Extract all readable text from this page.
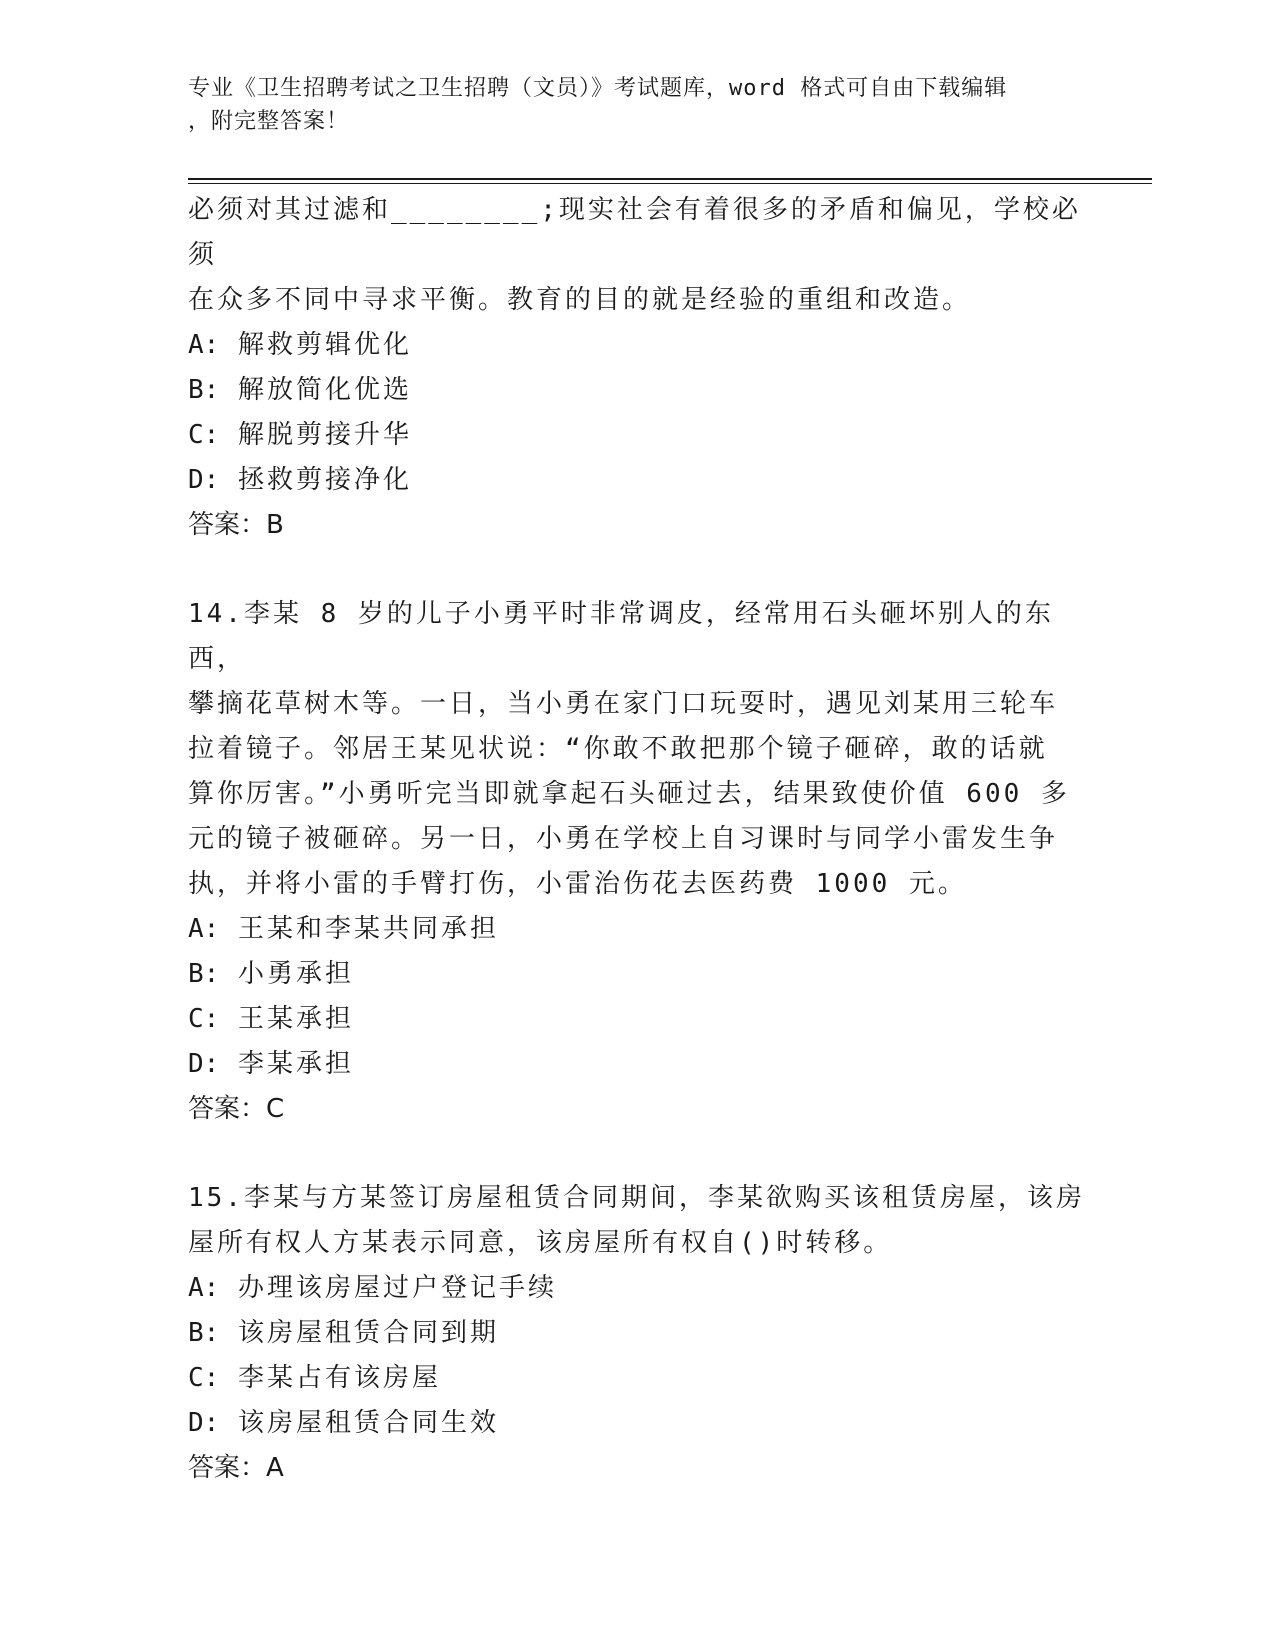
专业《卫生招聘考试之卫生招聘（文员）》考试题库，word 格式可自由下载编辑
，附完整答案！

必须对其过滤和________;现实社会有着很多的矛盾和偏见，学校必须

在众多不同中寻求平衡。教育的目的就是经验的重组和改造。

A: 解救剪辑优化

B: 解放简化优选

C: 解脱剪接升华

D: 拯救剪接净化

答案：B

14.李某 8 岁的儿子小勇平时非常调皮，经常用石头砸坏别人的东西，

攀摘花草树木等。一日，当小勇在家门口玩耍时，遇见刘某用三轮车

拉着镜子。邻居王某见状说：“你敢不敢把那个镜子砸碎，敢的话就

算你厉害。”小勇听完当即就拿起石头砸过去，结果致使价值 600 多

元的镜子被砸碎。另一日，小勇在学校上自习课时与同学小雷发生争

执，并将小雷的手臂打伤，小雷治伤花去医药费 1000 元。

A: 王某和李某共同承担

B: 小勇承担

C: 王某承担

D: 李某承担

答案：C

15.李某与方某签订房屋租赁合同期间，李某欲购买该租赁房屋，该房

屋所有权人方某表示同意，该房屋所有权自()时转移。

A: 办理该房屋过户登记手续

B: 该房屋租赁合同到期

C: 李某占有该房屋

D: 该房屋租赁合同生效

答案：A
